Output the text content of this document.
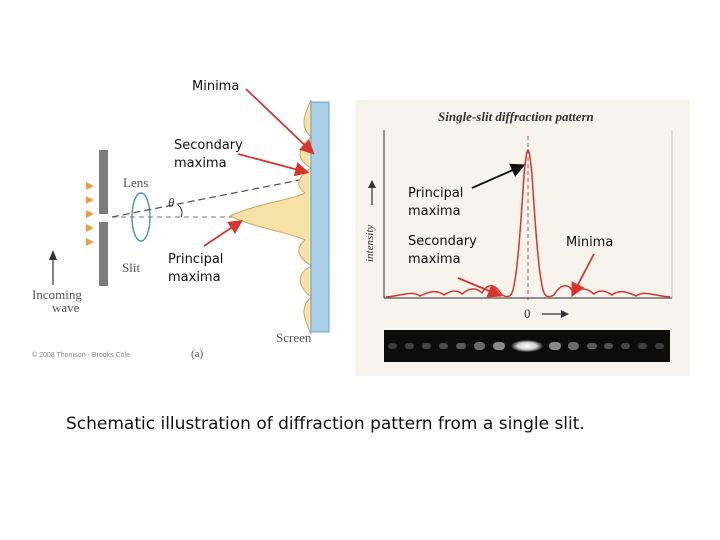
Lens
Slit
θ
Incoming
wave
Screen
© 2008 Thomson - Brooks Cole	(a)
Single-slit diffraction pattern
intensity
0
Minima
Secondary
maxima
Principal
maxima
Principal
maxima
Secondary
maxima
Minima
Schematic illustration of diffraction pattern from a single slit.
